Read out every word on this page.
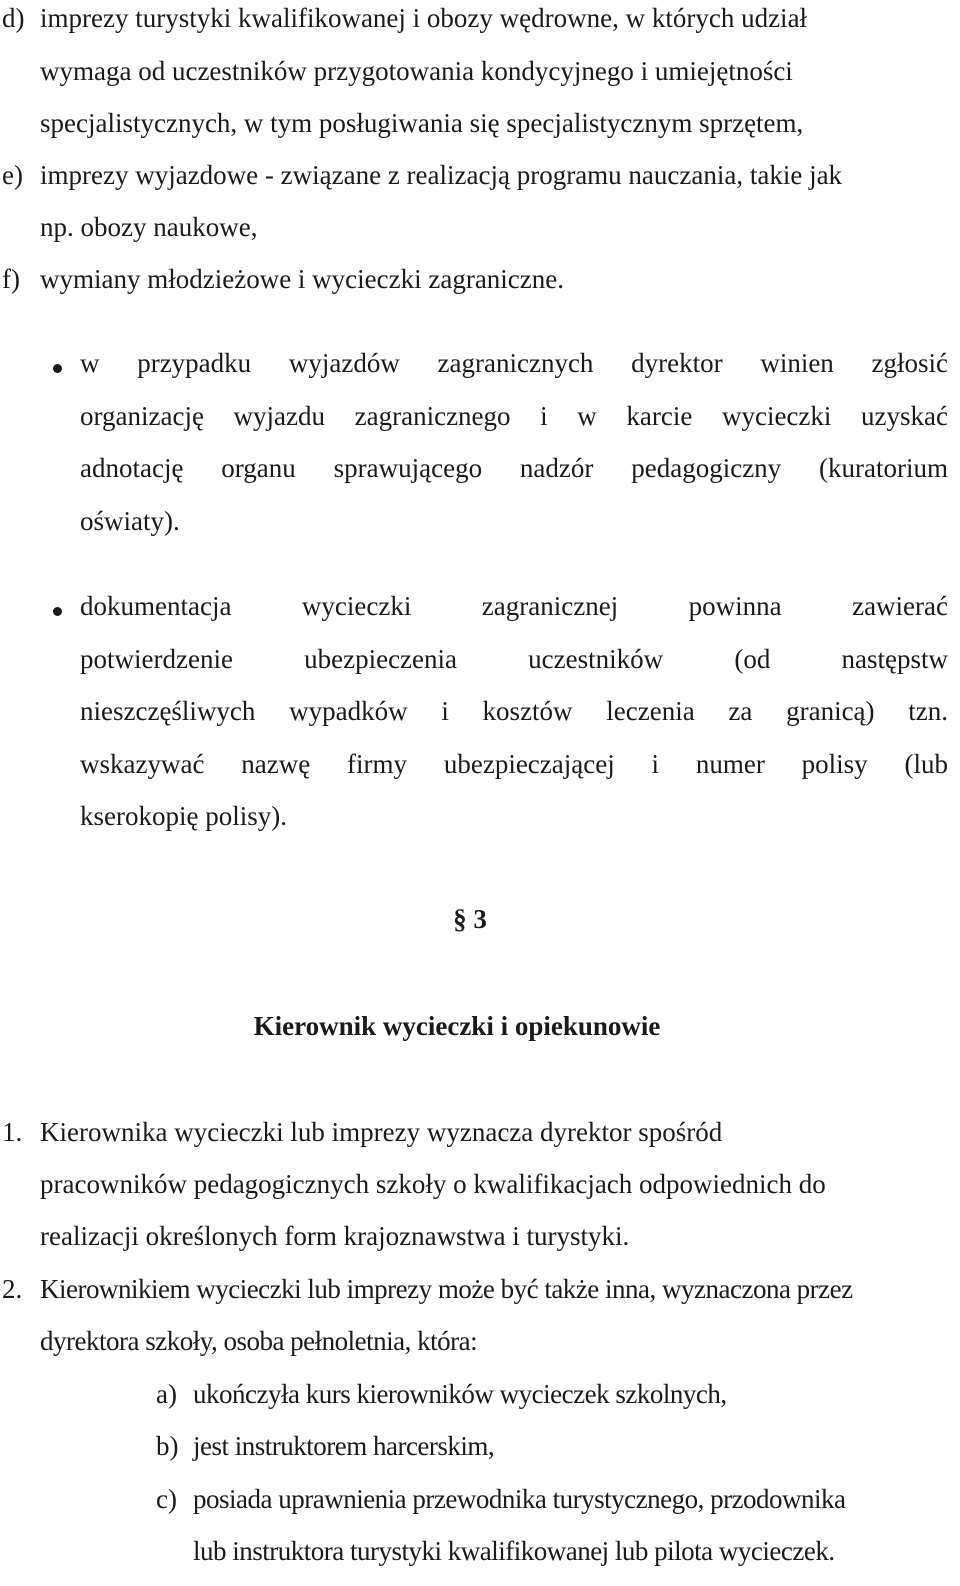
d) imprezy turystyki kwalifikowanej i obozy wędrowne, w których udział
wymaga od uczestników przygotowania kondycyjnego i umiejętności
specjalistycznych, w tym posługiwania się specjalistycznym sprzętem,
e) imprezy wyjazdowe - związane z realizacją programu nauczania, takie jak
np. obozy naukowe,
f) wymiany młodzieżowe i wycieczki zagraniczne.
w przypadku wyjazdów zagranicznych dyrektor winien zgłosić
organizację wyjazdu zagranicznego i w karcie wycieczki uzyskać
adnotację organu sprawującego nadzór pedagogiczny (kuratorium
oświaty).
dokumentacja wycieczki zagranicznej powinna zawierać
potwierdzenie ubezpieczenia uczestników (od następstw
nieszczęśliwych wypadków i kosztów leczenia za granicą) tzn.
wskazywać nazwę firmy ubezpieczającej i numer polisy (lub
kserokopię polisy).
§ 3
Kierownik wycieczki i opiekunowie
1. Kierownika wycieczki lub imprezy wyznacza dyrektor spośród
pracowników pedagogicznych szkoły o kwalifikacjach odpowiednich do
realizacji określonych form krajoznawstwa i turystyki.
2. Kierownikiem wycieczki lub imprezy może być także inna, wyznaczona przez
dyrektora szkoły, osoba pełnoletnia, która:
a) ukończyła kurs kierowników wycieczek szkolnych,
b) jest instruktorem harcerskim,
c) posiada uprawnienia przewodnika turystycznego, przodownika
lub instruktora turystyki kwalifikowanej lub pilota wycieczek.
